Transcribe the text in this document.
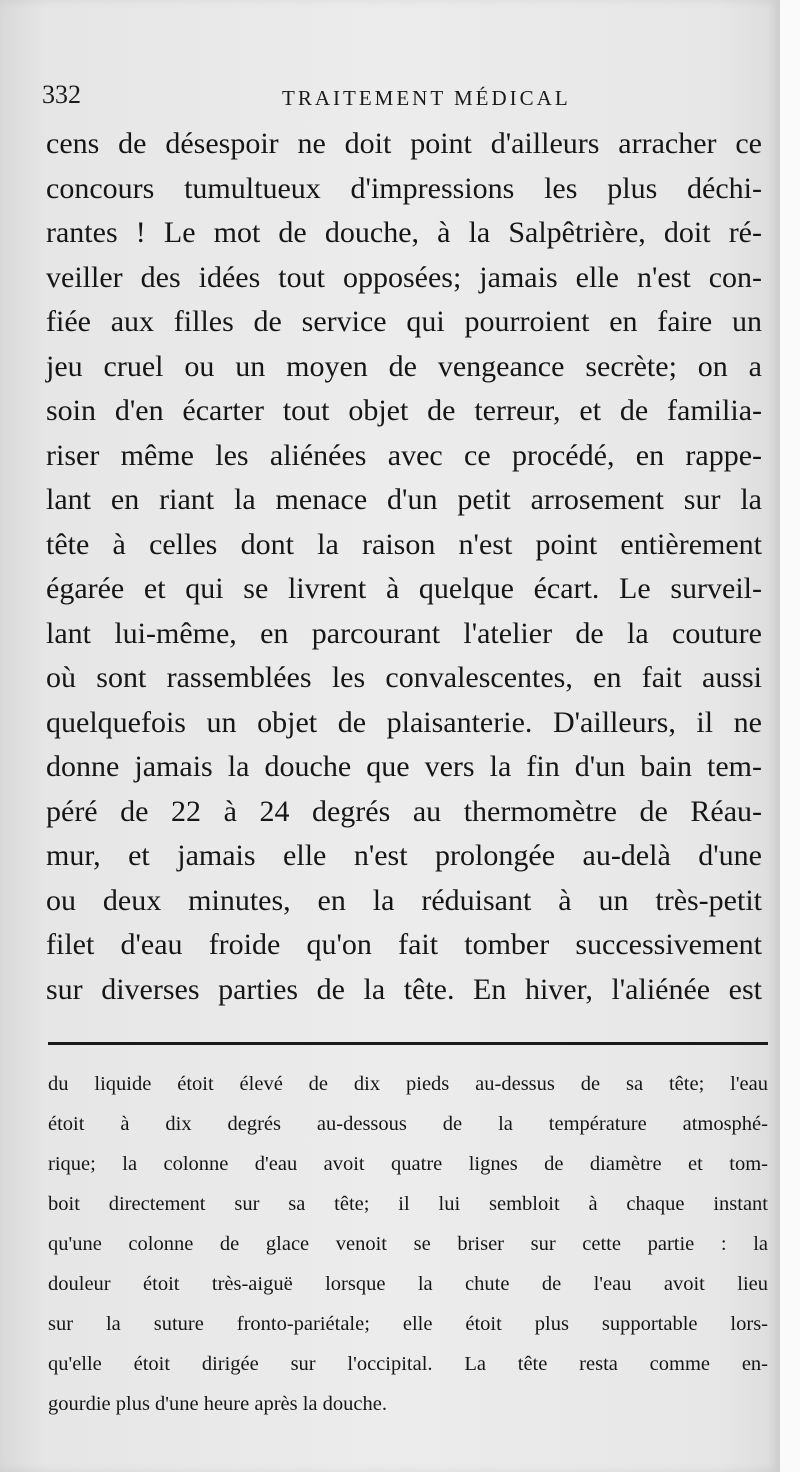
332	TRAITEMENT MÉDICAL
cens de désespoir ne doit point d'ailleurs arracher ce
concours tumultueux d'impressions les plus déchi-
rantes ! Le mot de douche, à la Salpêtrière, doit ré-
veiller des idées tout opposées; jamais elle n'est con-
fiée aux filles de service qui pourroient en faire un
jeu cruel ou un moyen de vengeance secrète; on a
soin d'en écarter tout objet de terreur, et de familia-
riser même les aliénées avec ce procédé, en rappe-
lant en riant la menace d'un petit arrosement sur la
tête à celles dont la raison n'est point entièrement
égarée et qui se livrent à quelque écart. Le surveil-
lant lui-même, en parcourant l'atelier de la couture
où sont rassemblées les convalescentes, en fait aussi
quelquefois un objet de plaisanterie. D'ailleurs, il ne
donne jamais la douche que vers la fin d'un bain tem-
péré de 22 à 24 degrés au thermomètre de Réau-
mur, et jamais elle n'est prolongée au-delà d'une
ou deux minutes, en la réduisant à un très-petit
filet d'eau froide qu'on fait tomber successivement
sur diverses parties de la tête. En hiver, l'aliénée est
du liquide étoit élevé de dix pieds au-dessus de sa tête; l'eau
étoit à dix degrés au-dessous de la température atmosphé-
rique; la colonne d'eau avoit quatre lignes de diamètre et tom-
boit directement sur sa tête; il lui sembloit à chaque instant
qu'une colonne de glace venoit se briser sur cette partie : la
douleur étoit très-aiguë lorsque la chute de l'eau avoit lieu
sur la suture fronto-pariétale; elle étoit plus supportable lors-
qu'elle étoit dirigée sur l'occipital. La tête resta comme en-
gourdie plus d'une heure après la douche.
